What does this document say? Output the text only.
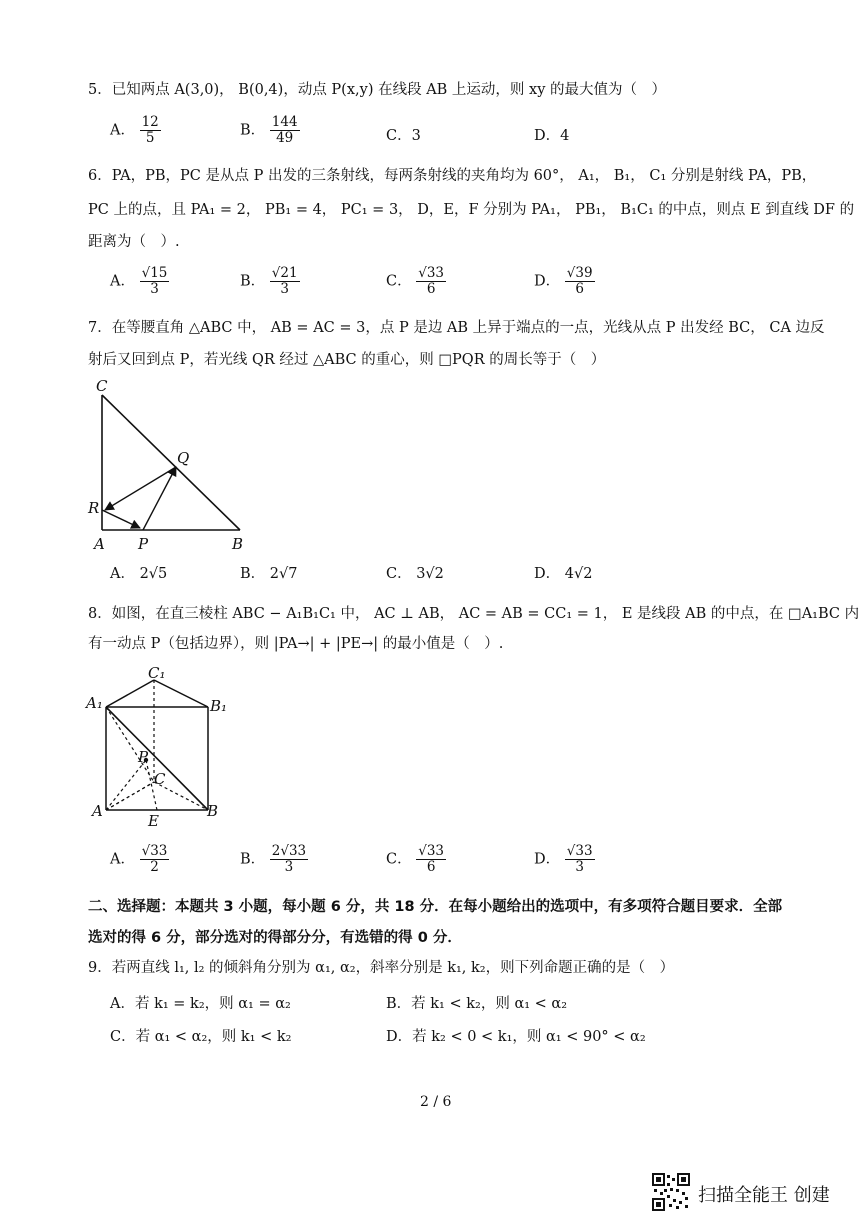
5．已知两点 A(3,0)， B(0,4)，动点 P(x,y) 在线段 AB 上运动，则 xy 的最大值为（　）
A． $\frac{12}{5}$	B． $\frac{144}{49}$	C．3	D．4
6．PA，PB，PC 是从点 P 出发的三条射线，每两条射线的夹角均为 60°， A₁， B₁， C₁ 分别是射线 PA，PB，
PC 上的点，且 PA₁ = 2， PB₁ = 4， PC₁ = 3， D，E，F 分别为 PA₁， PB₁， B₁C₁ 的中点，则点 E 到直线 DF 的
距离为（　）.
A． $\frac{√15}{3}$	B． $\frac{√21}{3}$	C． $\frac{√33}{6}$	D． $\frac{√39}{6}$
7．在等腰直角 △ABC 中， AB = AC = 3，点 P 是边 AB 上异于端点的一点，光线从点 P 出发经 BC， CA 边反
射后又回到点 P，若光线 QR 经过 △ABC 的重心，则 □PQR 的周长等于（　）
C
Q
R
A P	B
A． 2√5	B． 2√7	C． 3√2	D． 4√2
8．如图，在直三棱柱 ABC − A₁B₁C₁ 中， AC ⊥ AB， AC = AB = CC₁ = 1， E 是线段 AB 的中点，在 □A₁BC 内
有一动点 P（包括边界），则 |PA→| + |PE→| 的最小值是（　）.
C₁
A₁	B₁
P
C
A
E
B
A． $\frac{√33}{2}$	B． $\frac{2√33}{3}$	C． $\frac{√33}{6}$	D． $\frac{√33}{3}$
二、选择题：本题共 3 小题，每小题 6 分，共 18 分．在每小题给出的选项中，有多项符合题目要求．全部
选对的得 6 分，部分选对的得部分分，有选错的得 0 分．
9．若两直线 l₁, l₂ 的倾斜角分别为 α₁, α₂，斜率分别是 k₁, k₂，则下列命题正确的是（　）
A．若 k₁ = k₂，则 α₁ = α₂	B．若 k₁ < k₂，则 α₁ < α₂
C．若 α₁ < α₂，则 k₁ < k₂	D．若 k₂ < 0 < k₁，则 α₁ < 90° < α₂
2 / 6
扫描全能王 创建
